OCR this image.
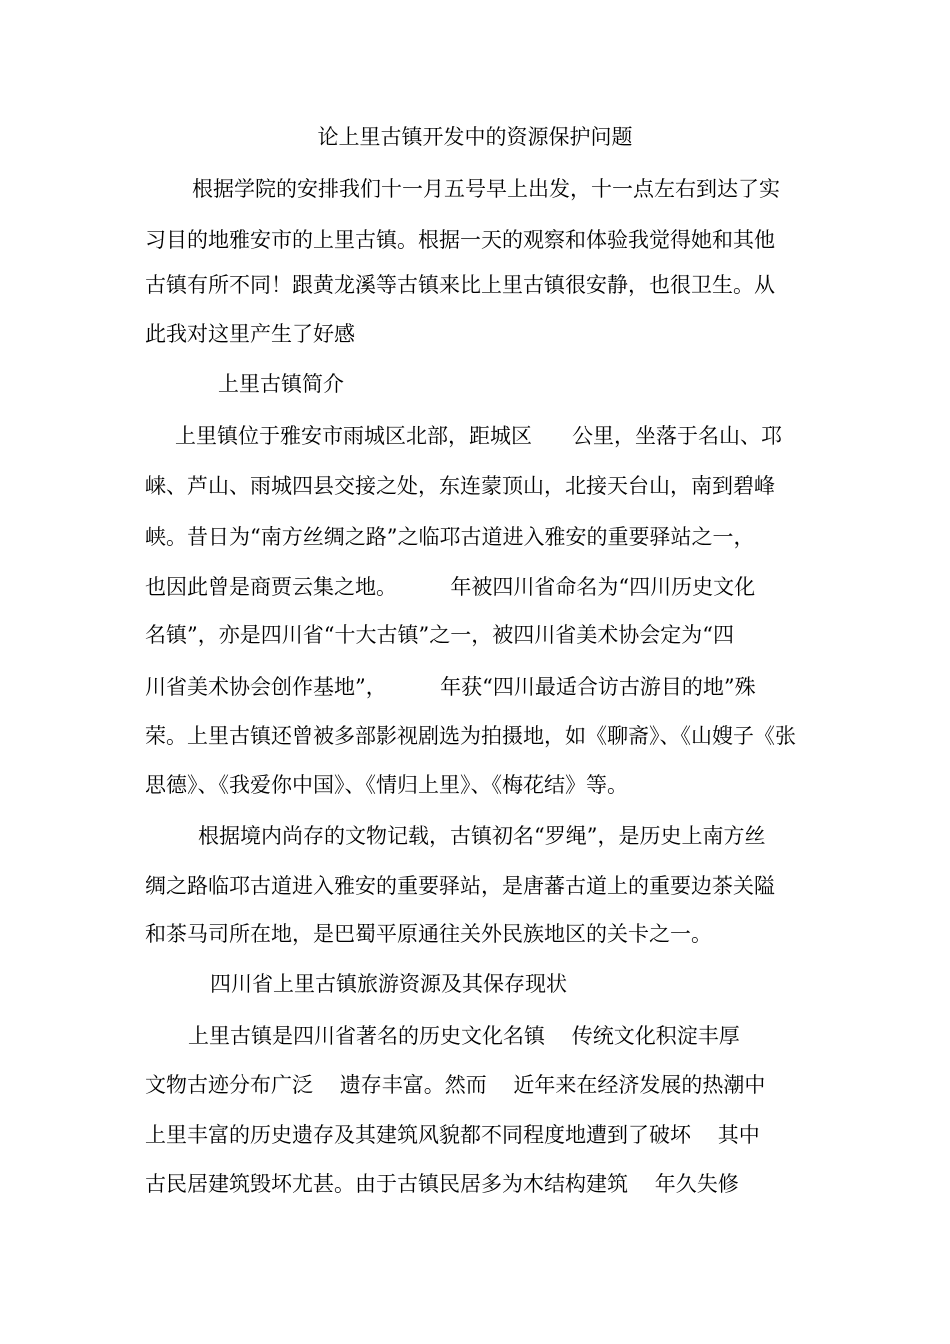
论上里古镇开发中的资源保护问题
根据学院的安排我们十一月五号早上出发，十一点左右到达了实
习目的地雅安市的上里古镇。根据一天的观察和体验我觉得她和其他
古镇有所不同！跟黄龙溪等古镇来比上里古镇很安静，也很卫生。从
此我对这里产生了好感
上里古镇简介
上里镇位于雅安市雨城区北部，距城区      公里，坐落于名山、邛
崃、芦山、雨城四县交接之处，东连蒙顶山，北接天台山，南到碧峰
峡。昔日为“南方丝绸之路”之临邛古道进入雅安的重要驿站之一，
也因此曾是商贾云集之地。        年被四川省命名为“四川历史文化
名镇”，亦是四川省“十大古镇”之一，被四川省美术协会定为“四
川省美术协会创作基地”，        年获“四川最适合访古游目的地”殊
荣。上里古镇还曾被多部影视剧选为拍摄地，如《聊斋》、《山嫂子《张
思德》、《我爱你中国》、《情归上里》、《梅花结》等。
根据境内尚存的文物记载，古镇初名“罗绳”，是历史上南方丝
绸之路临邛古道进入雅安的重要驿站，是唐蕃古道上的重要边茶关隘
和茶马司所在地，是巴蜀平原通往关外民族地区的关卡之一。
四川省上里古镇旅游资源及其保存现状
上里古镇是四川省著名的历史文化名镇    传统文化积淀丰厚
文物古迹分布广泛    遗存丰富。然而    近年来在经济发展的热潮中
上里丰富的历史遗存及其建筑风貌都不同程度地遭到了破坏    其中
古民居建筑毁坏尤甚。由于古镇民居多为木结构建筑    年久失修
